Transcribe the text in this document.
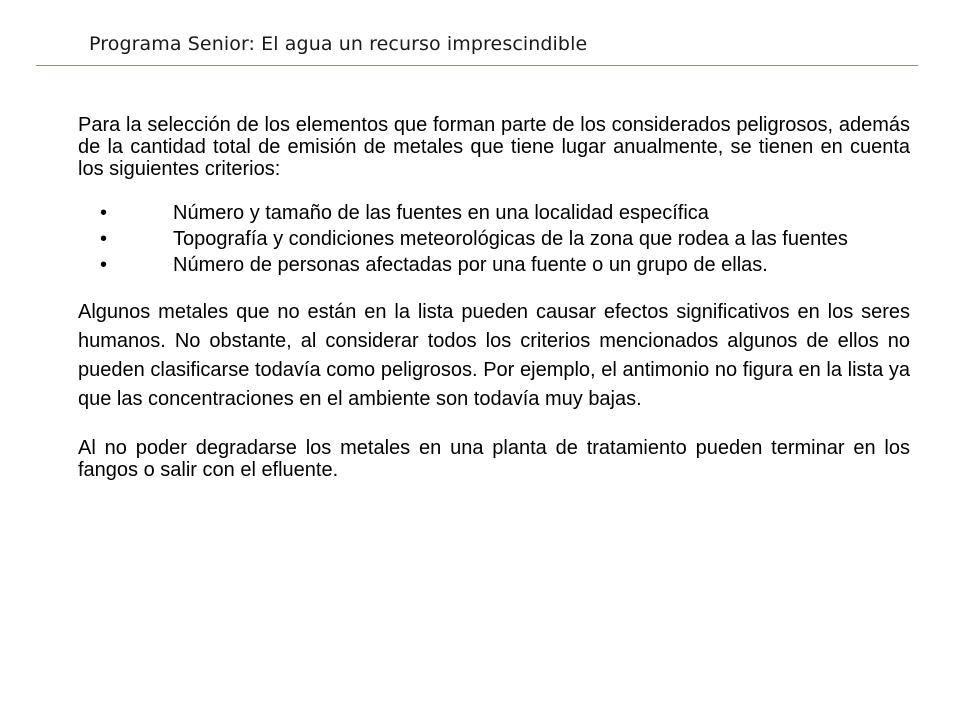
Programa Senior: El agua un recurso imprescindible

Para la selección de los elementos que forman parte de los considerados peligrosos, además de la cantidad total de emisión de metales que tiene lugar anualmente, se tienen en cuenta los siguientes criterios:

•	Número y tamaño de las fuentes en una localidad específica
•	Topografía y condiciones meteorológicas de la zona que rodea a las fuentes
•	Número de personas afectadas por una fuente o un grupo de ellas.

Algunos metales que no están en la lista pueden causar efectos significativos en los seres humanos. No obstante, al considerar todos los criterios mencionados algunos de ellos no pueden clasificarse todavía como peligrosos. Por ejemplo, el antimonio no figura en la lista ya que las concentraciones en el ambiente son todavía muy bajas.

Al no poder degradarse los metales en una planta de tratamiento pueden terminar en los fangos o salir con el efluente.
